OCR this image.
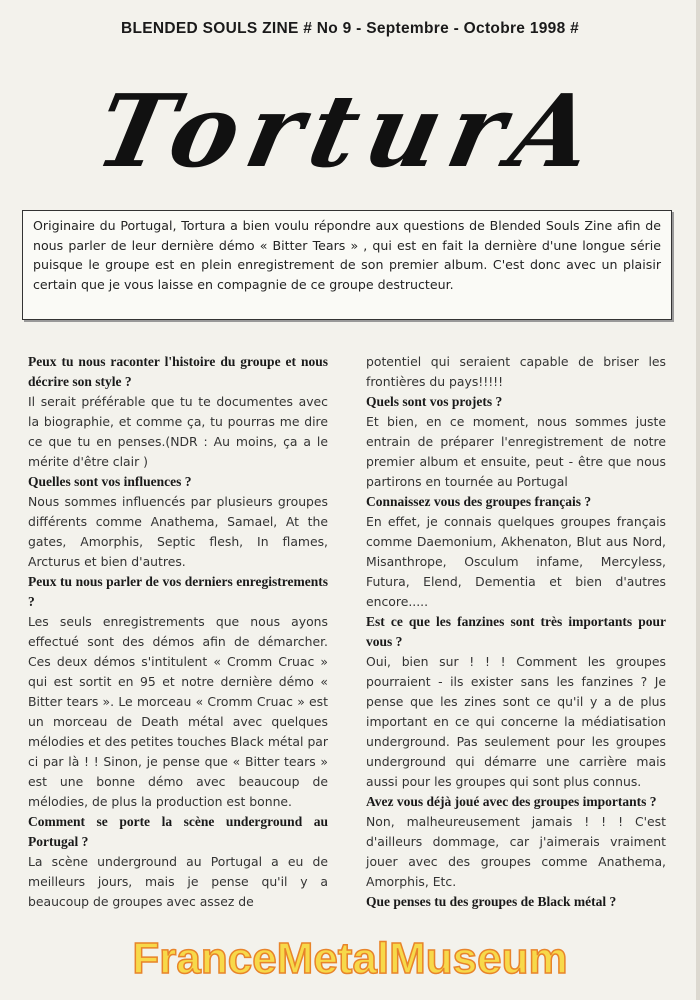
BLENDED SOULS ZINE # No 9 - Septembre - Octobre 1998 #
TorturA
Originaire du Portugal, Tortura a bien voulu répondre aux questions de Blended Souls Zine afin de nous parler de leur dernière démo « Bitter Tears » , qui est en fait la dernière d'une longue série puisque le groupe est en plein enregistrement de son premier album. C'est donc avec un plaisir certain que je vous laisse en compagnie de ce groupe destructeur.

Peux tu nous raconter l'histoire du groupe et nous décrire son style ?

Il serait préférable que tu te documentes avec la biographie, et comme ça, tu pourras me dire ce que tu en penses.(NDR : Au moins, ça a le mérite d'être clair )

Quelles sont vos influences ?

Nous sommes influencés par plusieurs groupes différents comme Anathema, Samael, At the gates, Amorphis, Septic flesh, In flames, Arcturus et bien d'autres.

Peux tu nous parler de vos derniers enregistrements ?

Les seuls enregistrements que nous ayons effectué sont des démos afin de démarcher. Ces deux démos s'intitulent « Cromm Cruac » qui est sortit en 95 et notre dernière démo « Bitter tears ». Le morceau « Cromm Cruac » est un morceau de Death métal avec quelques mélodies et des petites touches Black métal par ci par là ! ! Sinon, je pense que « Bitter tears » est une bonne démo avec beaucoup de mélodies, de plus la production est bonne.

Comment se porte la scène underground au Portugal ?

La scène underground au Portugal a eu de meilleurs jours, mais je pense qu'il y a beaucoup de groupes avec assez de

potentiel qui seraient capable de briser les frontières du pays!!!!!

Quels sont vos projets ?

Et bien, en ce moment, nous sommes juste entrain de préparer l'enregistrement de notre premier album et ensuite, peut - être que nous partirons en tournée au Portugal

Connaissez vous des groupes français ?

En effet, je connais quelques groupes français comme Daemonium, Akhenaton, Blut aus Nord, Misanthrope, Osculum infame, Mercyless, Futura, Elend, Dementia et bien d'autres encore.....

Est ce que les fanzines sont très importants pour vous ?

Oui, bien sur ! ! ! Comment les groupes pourraient - ils exister sans les fanzines ? Je pense que les zines sont ce qu'il y a de plus important en ce qui concerne la médiatisation underground. Pas seulement pour les groupes underground qui démarre une carrière mais aussi pour les groupes qui sont plus connus.

Avez vous déjà joué avec des groupes importants ?

Non, malheureusement jamais ! ! ! C'est d'ailleurs dommage, car j'aimerais vraiment jouer avec des groupes comme Anathema, Amorphis, Etc.

Que penses tu des groupes de Black métal ?

FranceMetalMuseum
